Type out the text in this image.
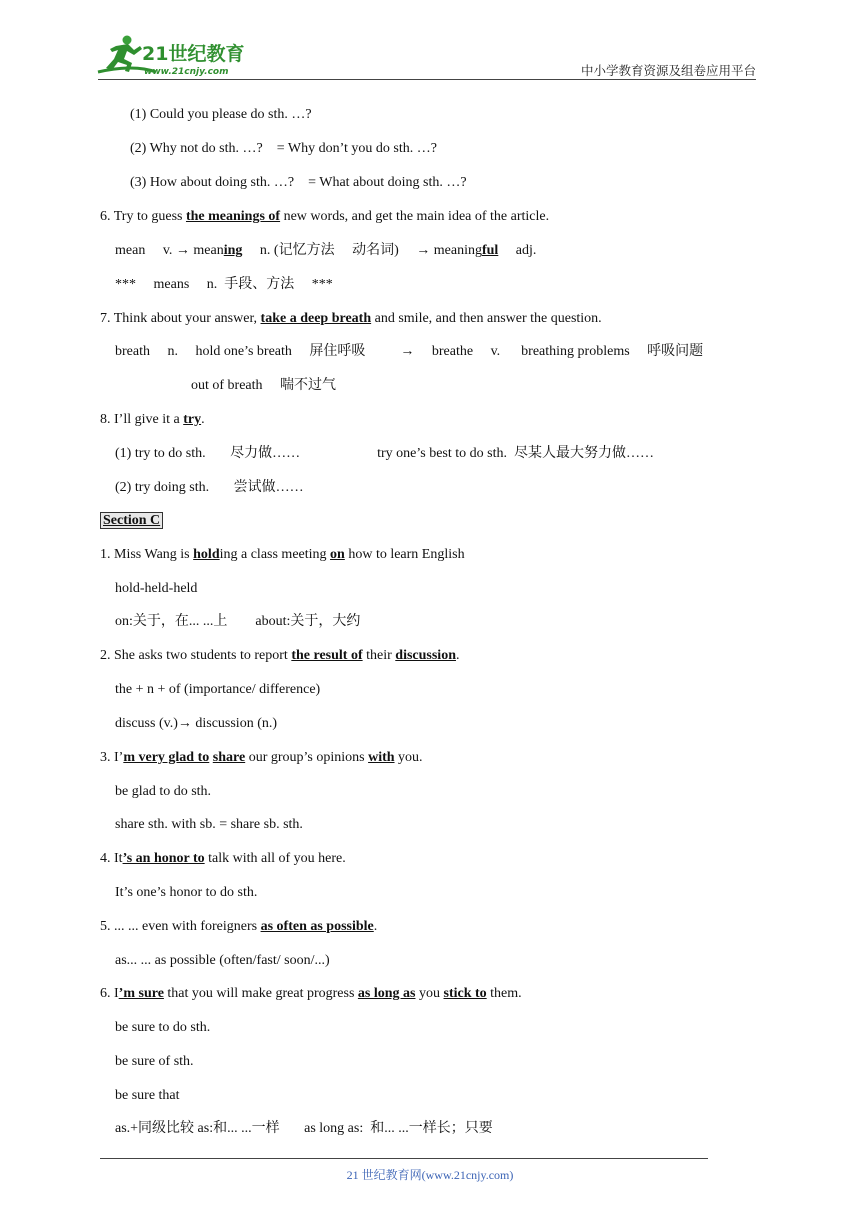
21世纪教育
www.21cnjy.com	中小学教育资源及组卷应用平台
(1) Could you please do sth. …?
(2) Why not do sth. …?    = Why don’t you do sth. …?
(3) How about doing sth. …?    = What about doing sth. …?
6. Try to guess the meanings of new words, and get the main idea of the article.
mean     v. → meaning     n. (记忆方法     动名词)     → meaningful     adj.
***     means     n.  手段、方法     ***
7. Think about your answer, take a deep breath and smile, and then answer the question.
breath     n.     hold one’s breath     屏住呼吸          →     breathe     v.      breathing problems     呼吸问题
out of breath     喘不过气
8. I’ll give it a try.
(1) try to do sth.       尽力做……                      try one’s best to do sth.  尽某人最大努力做……
(2) try doing sth.       尝试做……
Section C
1. Miss Wang is holding a class meeting on how to learn English
hold-held-held
on:关于，在... ...上        about:关于，大约
2. She asks two students to report the result of their discussion.
the + n + of (importance/ difference)
discuss (v.)→ discussion (n.)
3. I’m very glad to share our group’s opinions with you.
be glad to do sth.
share sth. with sb. = share sb. sth.
4. It’s an honor to talk with all of you here.
It’s one’s honor to do sth.
5. ... ... even with foreigners as often as possible.
as... ... as possible (often/fast/ soon/...)
6. I’m sure that you will make great progress as long as you stick to them.
be sure to do sth.
be sure of sth.
be sure that
as.+同级比较 as:和... ...一样       as long as:  和... ...一样长；只要
21 世纪教育网(www.21cnjy.com)
